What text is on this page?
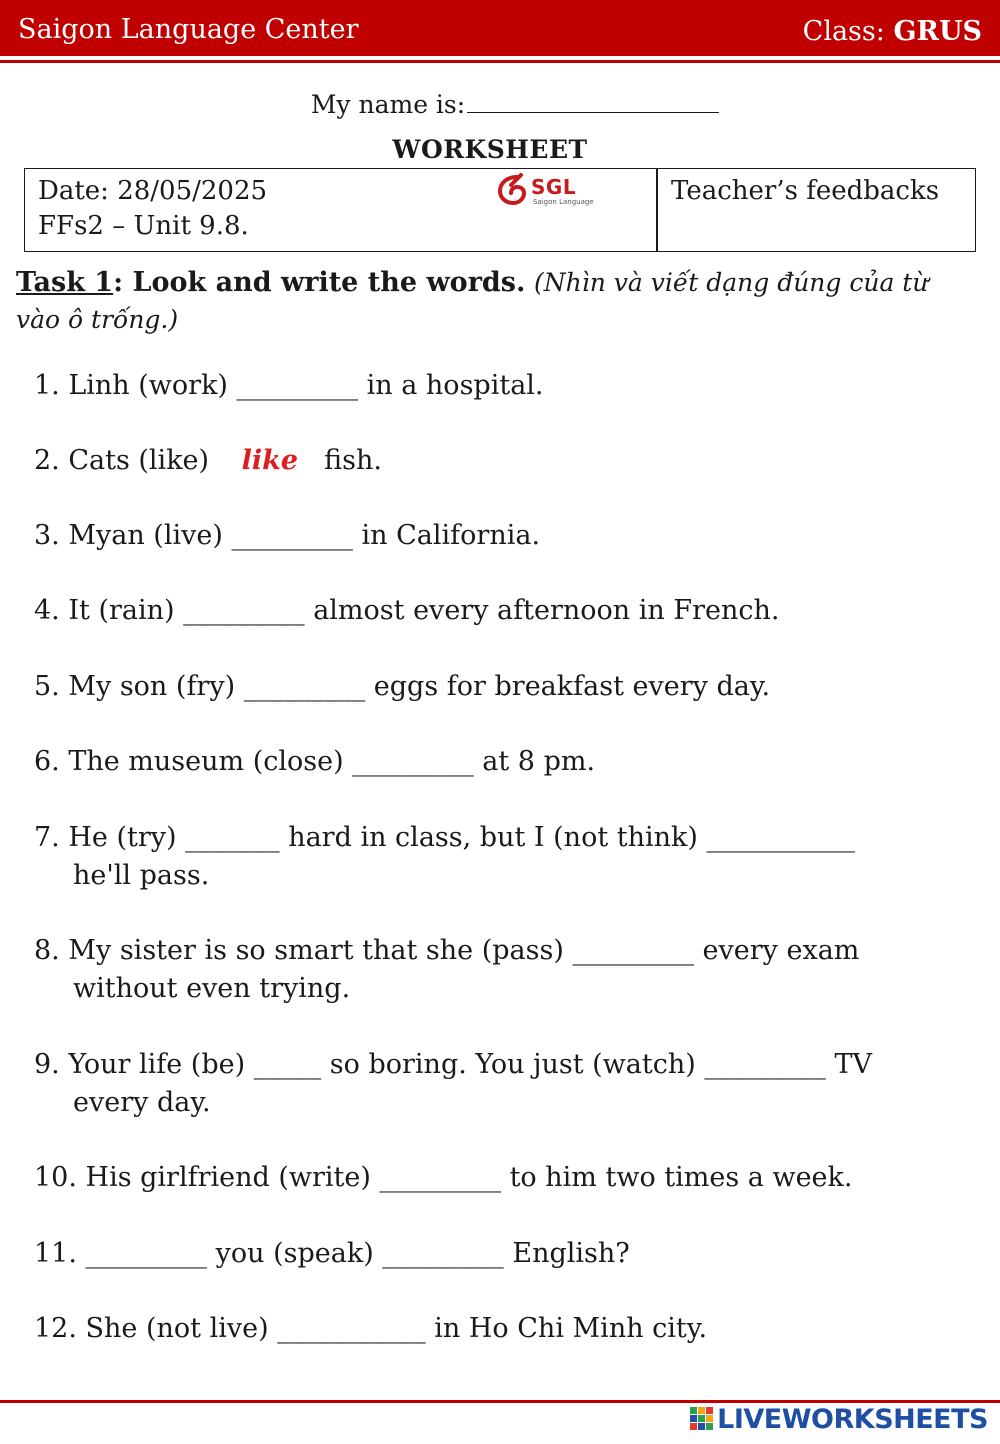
Saigon Language Center	Class: GRUS
My name is:
WORKSHEET
Date: 28/05/2025
FFs2 – Unit 9.8.
Teacher’s feedbacks
SGL
Saigon Language
Task 1: Look and write the words. (Nhìn và viết dạng đúng của từ vào ô trống.)
1. Linh (work) _________ in a hospital.
2. Cats (like) like fish.
3. Myan (live) _________ in California.
4. It (rain) _________ almost every afternoon in French.
5. My son (fry) _________ eggs for breakfast every day.
6. The museum (close) _________ at 8 pm.
7. He (try) _______ hard in class, but I (not think) ___________
he'll pass.
8. My sister is so smart that she (pass) _________ every exam
without even trying.
9. Your life (be) _____ so boring. You just (watch) _________ TV
every day.
10. His girlfriend (write) _________ to him two times a week.
11. _________ you (speak) _________ English?
12. She (not live) ___________ in Ho Chi Minh city.
LIVEWORKSHEETS
